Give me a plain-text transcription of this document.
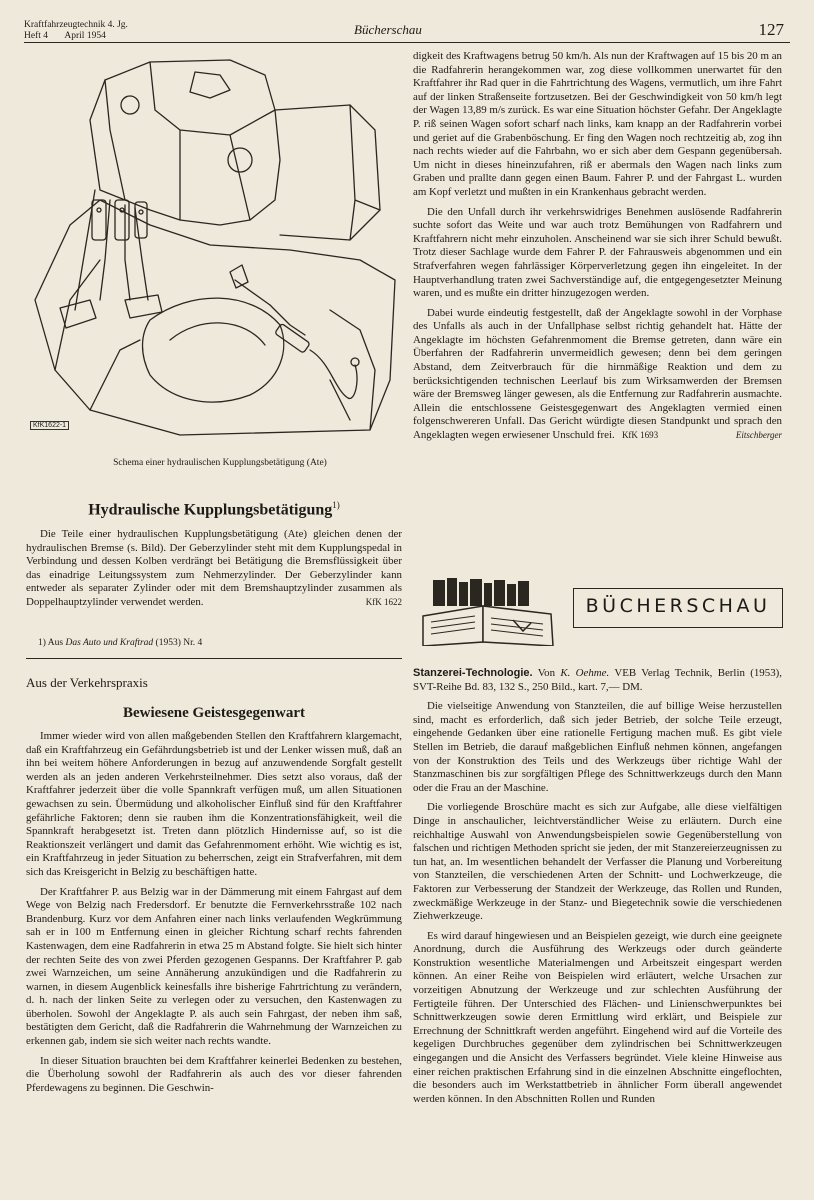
Kraftfahrzeugtechnik 4. Jg.
Heft 4 April 1954	Bücherschau	127
KfK1622-1
Schema einer hydraulischen Kupplungsbetätigung (Ate)
Hydraulische Kupplungsbetätigung$^{1)}$

Die Teile einer hydraulischen Kupplungsbetätigung (Ate) gleichen denen der hydraulischen Bremse (s. Bild). Der Geberzylinder steht mit dem Kupplungspedal in Verbindung und dessen Kolben verdrängt bei Betätigung die Bremsflüssigkeit über das einadrige Leitungssystem zum Nehmerzylinder. Der Geberzylinder kann entweder als separater Zylinder oder mit dem Bremshauptzylinder zusammen als Doppelhauptzylinder verwendet werden.	KfK 1622

1) Aus Das Auto und Kraftrad (1953) Nr. 4
Aus der Verkehrspraxis
Bewiesene Geistesgegenwart

Immer wieder wird von allen maßgebenden Stellen den Kraftfahrern klargemacht, daß ein Kraftfahrzeug ein Gefährdungsbetrieb ist und der Lenker wissen muß, daß an ihn bei weitem höhere Anforderungen in bezug auf anzuwendende Sorgfalt gestellt werden als an jeden anderen Verkehrsteilnehmer. Dies setzt also voraus, daß der Kraftfahrer jederzeit über die volle Spannkraft verfügen muß, um allen Situationen gewachsen zu sein. Übermüdung und alkoholischer Einfluß sind für den Kraftfahrer gefährliche Faktoren; denn sie rauben ihm die Konzentrationsfähigkeit, weil die Spannkraft herabgesetzt ist. Treten dann plötzlich Hindernisse auf, so ist die Reaktionszeit verlängert und damit das Gefahrenmoment erhöht. Wie wichtig es ist, ein Kraftfahrzeug in jeder Situation zu beherrschen, zeigt ein Strafverfahren, mit dem sich das Kreisgericht in Belzig zu beschäftigen hatte.

Der Kraftfahrer P. aus Belzig war in der Dämmerung mit einem Fahrgast auf dem Wege von Belzig nach Fredersdorf. Er benutzte die Fernverkehrsstraße 102 nach Brandenburg. Kurz vor dem Anfahren einer nach links verlaufenden Wegkrümmung sah er in 100 m Entfernung einen in gleicher Richtung scharf rechts fahrenden Kastenwagen, dem eine Radfahrerin in etwa 25 m Abstand folgte. Sie hielt sich hinter der rechten Seite des von zwei Pferden gezogenen Gespanns. Der Kraftfahrer P. gab zwei Warnzeichen, um seine Annäherung anzukündigen und die Radfahrerin zu warnen, in diesem Augenblick keinesfalls ihre bisherige Fahrtrichtung zu verändern, d. h. nach der linken Seite zu verlegen oder zu versuchen, den Kastenwagen zu überholen. Sowohl der Angeklagte P. als auch sein Fahrgast, der neben ihm saß, bestätigten dem Gericht, daß die Radfahrerin die Wahrnehmung der Warnzeichen zu erkennen gab, indem sie sich weiter nach rechts wandte.

In dieser Situation brauchten bei dem Kraftfahrer keinerlei Bedenken zu bestehen, die Überholung sowohl der Radfahrerin als auch des vor dieser fahrenden Pferdewagens zu beginnen. Die Geschwin-

digkeit des Kraftwagens betrug 50 km/h. Als nun der Kraftwagen auf 15 bis 20 m an die Radfahrerin herangekommen war, zog diese vollkommen unerwartet für den Kraftfahrer ihr Rad quer in die Fahrtrichtung des Wagens, vermutlich, um ihre Fahrt auf der linken Straßenseite fortzusetzen. Bei der Geschwindigkeit von 50 km/h legt der Wagen 13,89 m/s zurück. Es war eine Situation höchster Gefahr. Der Angeklagte P. riß seinen Wagen sofort scharf nach links, kam knapp an der Radfahrerin vorbei und geriet auf die Grabenböschung. Er fing den Wagen noch rechtzeitig ab, zog ihn nach rechts wieder auf die Fahrbahn, wo er sich aber dem Gespann gegenübersah. Um nicht in dieses hineinzufahren, riß er abermals den Wagen nach links zum Graben und prallte dann gegen einen Baum. Fahrer P. und der Fahrgast L. wurden am Kopf verletzt und mußten in ein Krankenhaus gebracht werden.

Die den Unfall durch ihr verkehrswidriges Benehmen auslösende Radfahrerin suchte sofort das Weite und war auch trotz Bemühungen von Radfahrern und Kraftfahrern nicht mehr einzuholen. Anscheinend war sie sich ihrer Schuld bewußt. Trotz dieser Sachlage wurde dem Fahrer P. der Fahrausweis abgenommen und ein Strafverfahren wegen fahrlässiger Körperverletzung gegen ihn eingeleitet. In der Hauptverhandlung traten zwei Sachverständige auf, die entgegengesetzter Meinung waren, und es mußte ein dritter hinzugezogen werden.

Dabei wurde eindeutig festgestellt, daß der Angeklagte sowohl in der Vorphase des Unfalls als auch in der Unfallphase selbst richtig gehandelt hat. Hätte der Angeklagte im höchsten Gefahrenmoment die Bremse getreten, dann wäre ein Überfahren der Radfahrerin unvermeidlich gewesen; denn bei dem geringen Abstand, dem Zeitverbrauch für die hirnmäßige Reaktion und dem zu berücksichtigenden technischen Leerlauf bis zum Wirksamwerden der Bremsen wäre der Bremsweg länger gewesen, als die Entfernung zur Radfahrerin ausmachte. Allein die entschlossene Geistesgegenwart des Angeklagten vermied einen folgenschwereren Unfall. Das Gericht würdigte diesen Standpunkt und sprach den Angeklagten wegen erwiesener Unschuld frei. KfK 1693	Eitschberger

BÜCHERSCHAU

Stanzerei-Technologie. Von K. Oehme. VEB Verlag Technik, Berlin (1953), SVT-Reihe Bd. 83, 132 S., 250 Bild., kart. 7,— DM.

Die vielseitige Anwendung von Stanzteilen, die auf billige Weise herzustellen sind, macht es erforderlich, daß sich jeder Betrieb, der solche Teile erzeugt, eingehende Gedanken über eine rationelle Fertigung machen muß. Es gibt viele Stellen im Betrieb, die darauf maßgeblichen Einfluß nehmen können, angefangen von der Konstruktion des Teils und des Werkzeugs über richtige Wahl der Stanzmaschinen bis zur sorgfältigen Pflege des Schnittwerkzeugs durch den Mann oder die Frau an der Maschine.

Die vorliegende Broschüre macht es sich zur Aufgabe, alle diese vielfältigen Dinge in anschaulicher, leichtverständlicher Weise zu erläutern. Durch eine reichhaltige Auswahl von Anwendungsbeispielen sowie Gegenüberstellung von falschen und richtigen Methoden spricht sie jeden, der mit Stanzereierzeugnissen zu tun hat, an. Im wesentlichen behandelt der Verfasser die Planung und Vorbereitung von Stanzteilen, die verschiedenen Arten der Schnitt- und Lochwerkzeuge, die Faktoren zur Verbesserung der Standzeit der Werkzeuge, das Rollen und Runden, zweckmäßige Werkzeuge in der Stanz- und Biegetechnik sowie die verschiedenen Ziehwerkzeuge.

Es wird darauf hingewiesen und an Beispielen gezeigt, wie durch eine geeignete Anordnung, durch die Ausführung des Werkzeugs oder durch geänderte Konstruktion wesentliche Materialmengen und Arbeitszeit eingespart werden können. An einer Reihe von Beispielen wird erläutert, welche Ursachen zur vorzeitigen Abnutzung der Werkzeuge und zur schlechten Ausführung der Fertigteile führen. Der Unterschied des Flächen- und Linienschwerpunktes bei Schnittwerkzeugen sowie deren Ermittlung wird erklärt, und Beispiele zur Errechnung der Schnittkraft werden angeführt. Eingehend wird auf die Vorteile des kegeligen Durchbruches gegenüber dem zylindrischen bei Schnittwerkzeugen eingegangen und die Ansicht des Verfassers begründet. Viele kleine Hinweise aus einer reichen praktischen Erfahrung sind in die einzelnen Abschnitte eingeflochten, die besonders auch im Werkstattbetrieb in ähnlicher Form überall angewendet werden können. In den Abschnitten Rollen und Runden
